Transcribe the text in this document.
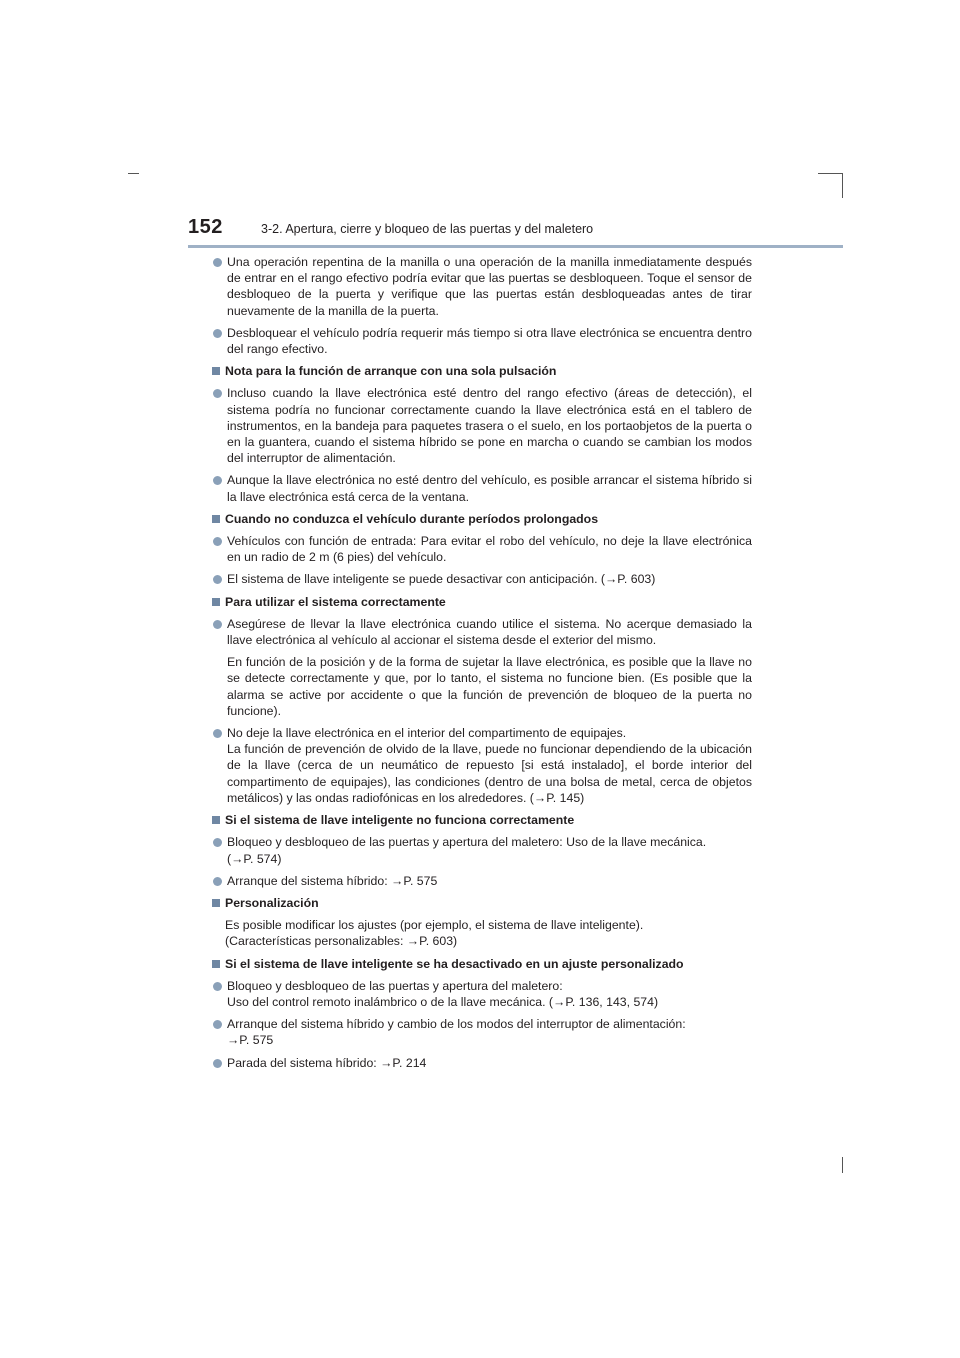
152	3-2. Apertura, cierre y bloqueo de las puertas y del maletero
Una operación repentina de la manilla o una operación de la manilla inmediatamente después de entrar en el rango efectivo podría evitar que las puertas se desbloqueen. Toque el sensor de desbloqueo de la puerta y verifique que las puertas están desbloqueadas antes de tirar nuevamente de la manilla de la puerta.
Desbloquear el vehículo podría requerir más tiempo si otra llave electrónica se encuentra dentro del rango efectivo.
Nota para la función de arranque con una sola pulsación
Incluso cuando la llave electrónica esté dentro del rango efectivo (áreas de detección), el sistema podría no funcionar correctamente cuando la llave electrónica está en el tablero de instrumentos, en la bandeja para paquetes trasera o el suelo, en los portaobjetos de la puerta o en la guantera, cuando el sistema híbrido se pone en marcha o cuando se cambian los modos del interruptor de alimentación.
Aunque la llave electrónica no esté dentro del vehículo, es posible arrancar el sistema híbrido si la llave electrónica está cerca de la ventana.
Cuando no conduzca el vehículo durante períodos prolongados
Vehículos con función de entrada: Para evitar el robo del vehículo, no deje la llave electrónica en un radio de 2 m (6 pies) del vehículo.
El sistema de llave inteligente se puede desactivar con anticipación. (→P. 603)
Para utilizar el sistema correctamente
Asegúrese de llevar la llave electrónica cuando utilice el sistema. No acerque demasiado la llave electrónica al vehículo al accionar el sistema desde el exterior del mismo.
En función de la posición y de la forma de sujetar la llave electrónica, es posible que la llave no se detecte correctamente y que, por lo tanto, el sistema no funcione bien. (Es posible que la alarma se active por accidente o que la función de prevención de bloqueo de la puerta no funcione).
No deje la llave electrónica en el interior del compartimento de equipajes.
La función de prevención de olvido de la llave, puede no funcionar dependiendo de la ubicación de la llave (cerca de un neumático de repuesto [si está instalado], el borde interior del compartimento de equipajes), las condiciones (dentro de una bolsa de metal, cerca de objetos metálicos) y las ondas radiofónicas en los alrededores. (→P. 145)
Si el sistema de llave inteligente no funciona correctamente
Bloqueo y desbloqueo de las puertas y apertura del maletero: Uso de la llave mecánica.
(→P. 574)
Arranque del sistema híbrido: →P. 575
Personalización
Es posible modificar los ajustes (por ejemplo, el sistema de llave inteligente).
(Características personalizables: →P. 603)
Si el sistema de llave inteligente se ha desactivado en un ajuste personalizado
Bloqueo y desbloqueo de las puertas y apertura del maletero:
Uso del control remoto inalámbrico o de la llave mecánica. (→P. 136, 143, 574)
Arranque del sistema híbrido y cambio de los modos del interruptor de alimentación:
→P. 575
Parada del sistema híbrido: →P. 214
